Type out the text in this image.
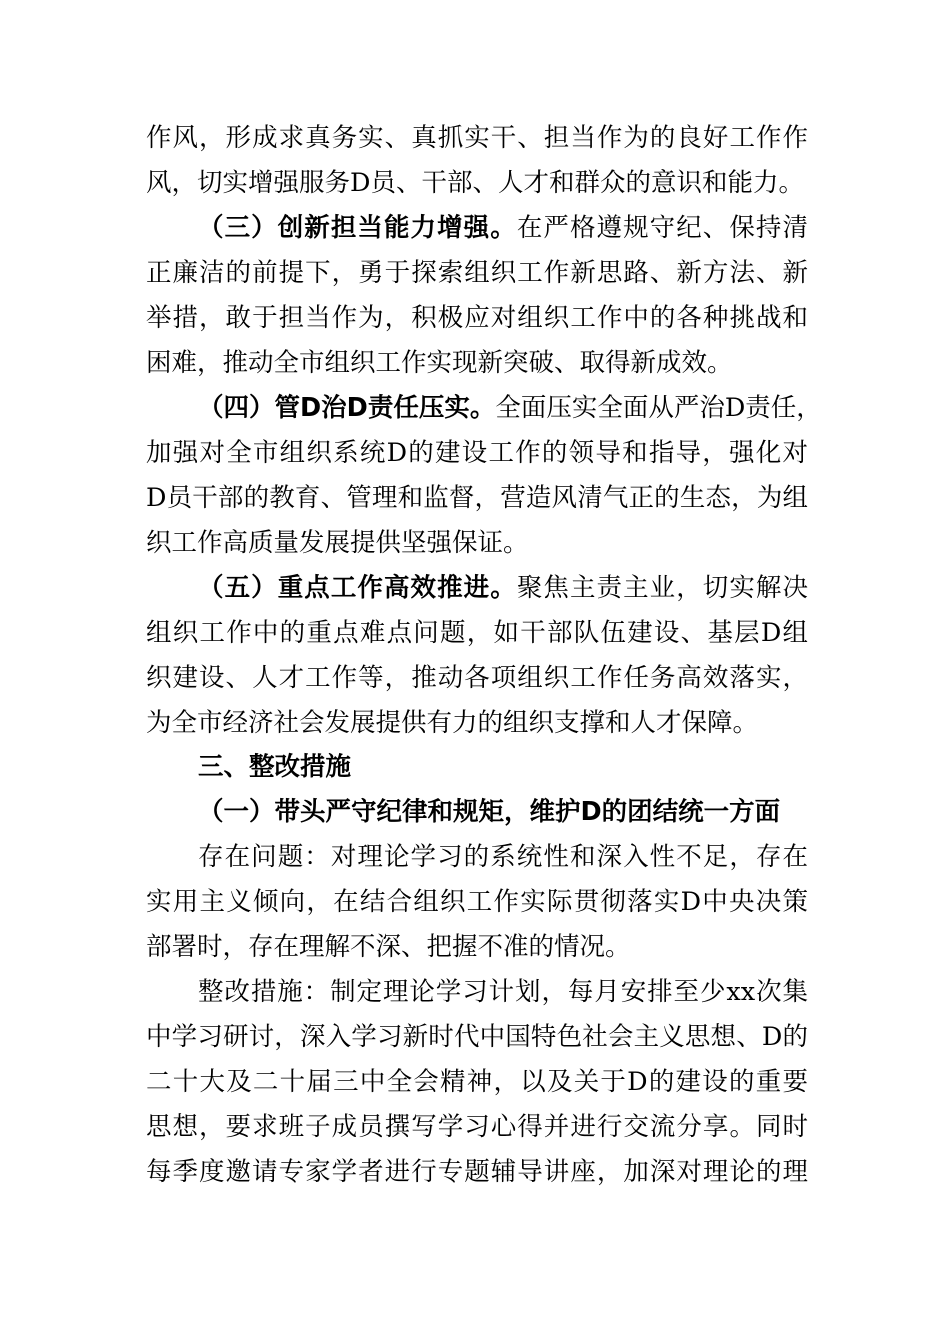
作风，形成求真务实、真抓实干、担当作为的良好工作作
风，切实增强服务D员、干部、人才和群众的意识和能力。
（三）创新担当能力增强。在严格遵规守纪、保持清
正廉洁的前提下，勇于探索组织工作新思路、新方法、新
举措，敢于担当作为，积极应对组织工作中的各种挑战和
困难，推动全市组织工作实现新突破、取得新成效。
（四）管D治D责任压实。全面压实全面从严治D责任，
加强对全市组织系统D的建设工作的领导和指导，强化对
D员干部的教育、管理和监督，营造风清气正的生态，为组
织工作高质量发展提供坚强保证。
（五）重点工作高效推进。聚焦主责主业，切实解决
组织工作中的重点难点问题，如干部队伍建设、基层D组
织建设、人才工作等，推动各项组织工作任务高效落实，
为全市经济社会发展提供有力的组织支撑和人才保障。
三、整改措施
（一）带头严守纪律和规矩，维护D的团结统一方面
存在问题：对理论学习的系统性和深入性不足，存在
实用主义倾向，在结合组织工作实际贯彻落实D中央决策
部署时，存在理解不深、把握不准的情况。
整改措施：制定理论学习计划，每月安排至少xx次集
中学习研讨，深入学习新时代中国特色社会主义思想、D的
二十大及二十届三中全会精神，以及关于D的建设的重要
思想，要求班子成员撰写学习心得并进行交流分享。同时
每季度邀请专家学者进行专题辅导讲座，加深对理论的理
